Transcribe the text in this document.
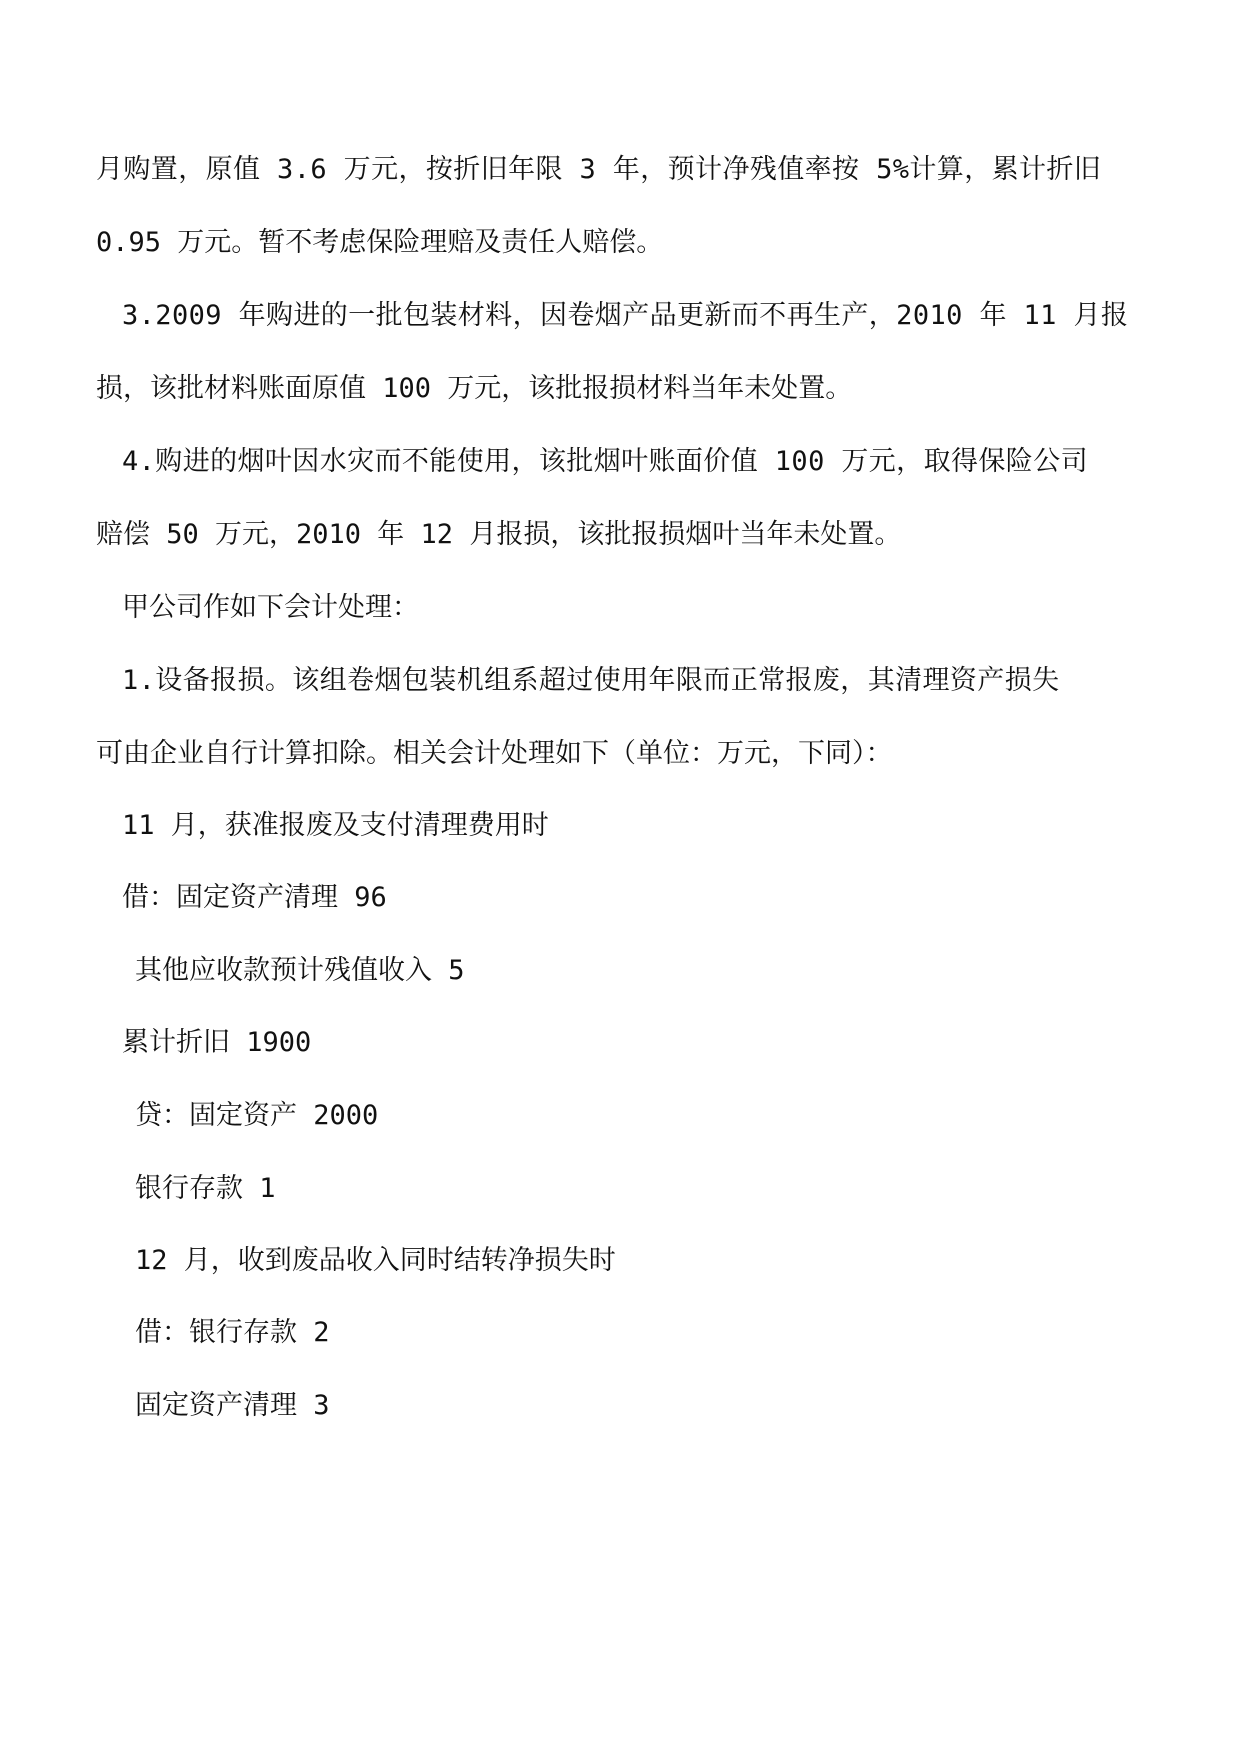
月购置，原值 3.6 万元，按折旧年限 3 年，预计净残值率按 5%计算，累计折旧
0.95 万元。暂不考虑保险理赔及责任人赔偿。
3.2009 年购进的一批包装材料，因卷烟产品更新而不再生产，2010 年 11 月报
损，该批材料账面原值 100 万元，该批报损材料当年未处置。
4.购进的烟叶因水灾而不能使用，该批烟叶账面价值 100 万元，取得保险公司
赔偿 50 万元，2010 年 12 月报损，该批报损烟叶当年未处置。
甲公司作如下会计处理：
1.设备报损。该组卷烟包装机组系超过使用年限而正常报废，其清理资产损失
可由企业自行计算扣除。相关会计处理如下（单位：万元，下同）：
11 月，获准报废及支付清理费用时
借：固定资产清理 96
其他应收款预计残值收入 5
累计折旧 1900
贷：固定资产 2000
银行存款 1
12 月，收到废品收入同时结转净损失时
借：银行存款 2
固定资产清理 3
